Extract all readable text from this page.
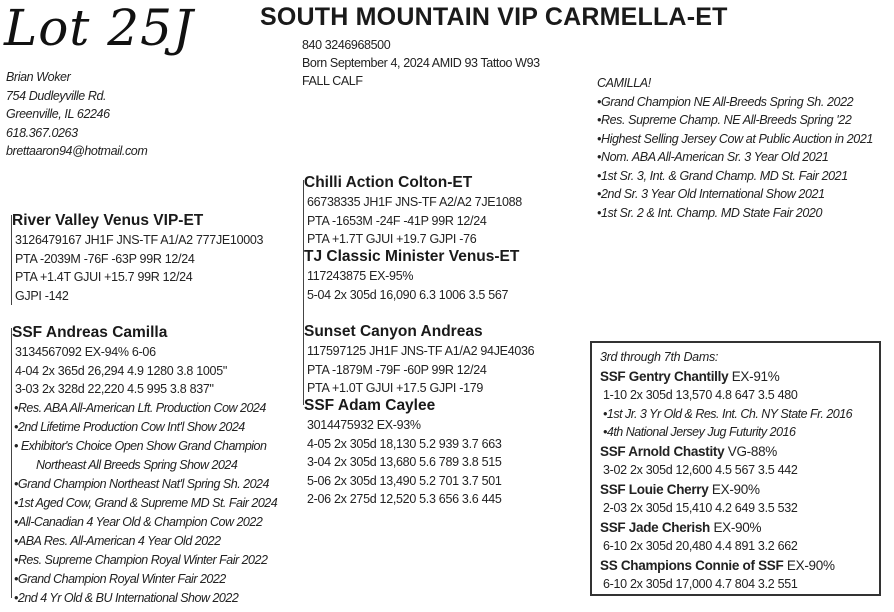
Lot 25J	SOUTH MOUNTAIN VIP CARMELLA-ET
840 3246968500
Born September 4, 2024 AMID 93 Tattoo W93
FALL CALF
Brian Woker
754 Dudleyville Rd.
Greenville, IL 62246
618.367.0263
brettaaron94@hotmail.com
CAMILLA!
•Grand Champion NE All-Breeds Spring Sh. 2022
•Res. Supreme Champ. NE All-Breeds Spring '22
•Highest Selling Jersey Cow at Public Auction in 2021
•Nom. ABA All-American Sr. 3 Year Old 2021
•1st Sr. 3, Int. & Grand Champ. MD St. Fair 2021
•2nd Sr. 3 Year Old International Show 2021
•1st Sr. 2 & Int. Champ. MD State Fair 2020
River Valley Venus VIP-ET
3126479167 JH1F JNS-TF A1/A2 777JE10003
PTA -2039M -76F -63P 99R 12/24
PTA +1.4T GJUI +15.7 99R 12/24
GJPI -142
SSF Andreas Camilla
3134567092 EX-94% 6-06
4-04 2x 365d 26,294 4.9 1280 3.8 1005"
3-03 2x 328d 22,220 4.5 995 3.8 837"
•Res. ABA All-American Lft. Production Cow 2024
•2nd Lifetime Production Cow Int'l Show 2024
• Exhibitor's Choice Open Show Grand Champion
Northeast All Breeds Spring Show 2024
•Grand Champion Northeast Nat'l Spring Sh. 2024
•1st Aged Cow, Grand & Supreme MD St. Fair 2024
•All-Canadian 4 Year Old & Champion Cow 2022
•ABA Res. All-American 4 Year Old 2022
•Res. Supreme Champion Royal Winter Fair 2022
•Grand Champion Royal Winter Fair 2022
•2nd 4 Yr Old & BU International Show 2022
Chilli Action Colton-ET
66738335 JH1F JNS-TF A2/A2 7JE1088
PTA -1653M -24F -41P 99R 12/24
PTA +1.7T GJUI +19.7 GJPI -76
TJ Classic Minister Venus-ET
117243875 EX-95%
5-04 2x 305d 16,090 6.3 1006 3.5 567
Sunset Canyon Andreas
117597125 JH1F JNS-TF A1/A2 94JE4036
PTA -1879M -79F -60P 99R 12/24
PTA +1.0T GJUI +17.5 GJPI -179
SSF Adam Caylee
3014475932 EX-93%
4-05 2x 305d 18,130 5.2 939 3.7 663
3-04 2x 305d 13,680 5.6 789 3.8 515
5-06 2x 305d 13,490 5.2 701 3.7 501
2-06 2x 275d 12,520 5.3 656 3.6 445
3rd through 7th Dams:
SSF Gentry Chantilly EX-91%
1-10 2x 305d 13,570 4.8 647 3.5 480
•1st Jr. 3 Yr Old & Res. Int. Ch. NY State Fr. 2016
•4th National Jersey Jug Futurity 2016
SSF Arnold Chastity VG-88%
3-02 2x 305d 12,600 4.5 567 3.5 442
SSF Louie Cherry EX-90%
2-03 2x 305d 15,410 4.2 649 3.5 532
SSF Jade Cherish EX-90%
6-10 2x 305d 20,480 4.4 891 3.2 662
SS Champions Connie of SSF EX-90%
6-10 2x 305d 17,000 4.7 804 3.2 551
